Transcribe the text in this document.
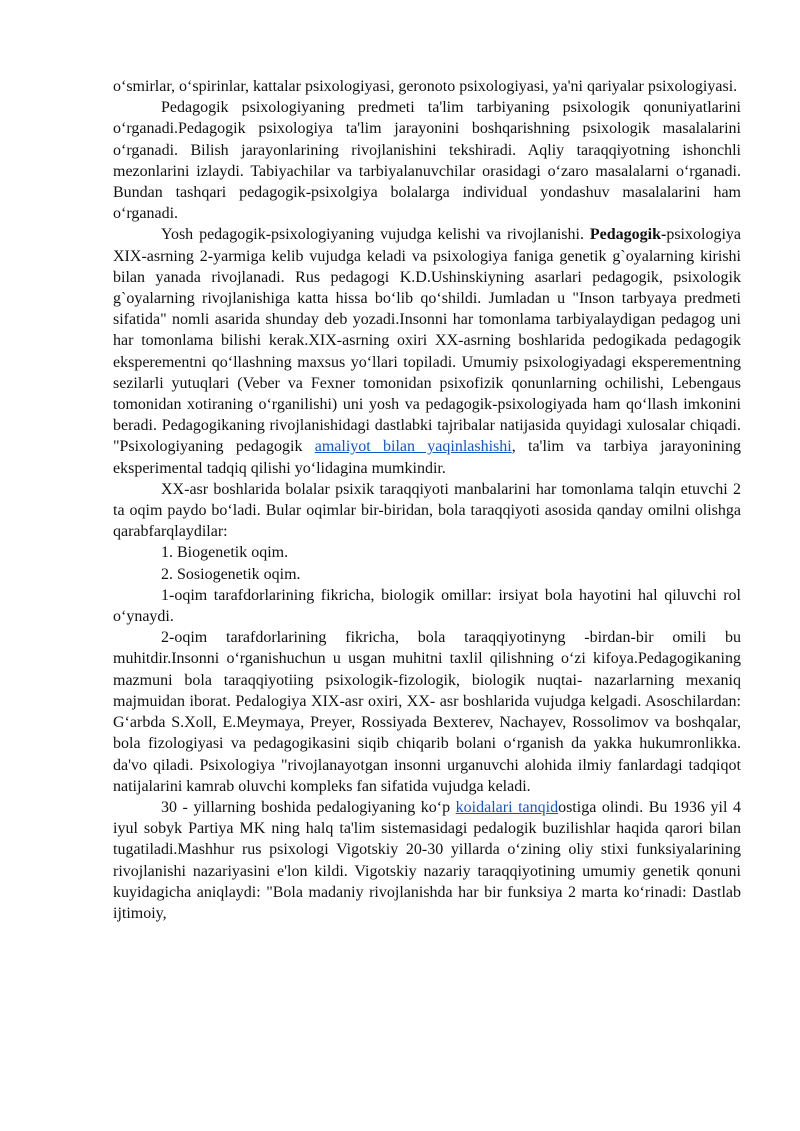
o‘smirlar, o‘spirinlar, kattalar psixologiyasi, geronoto psixologiyasi, ya'ni qariyalar psixologiyasi.

Pedagogik psixologiyaning predmeti ta'lim tarbiyaning psixologik qonuniyatlarini o‘rganadi.Pedagogik psixologiya ta'lim jarayonini boshqarishning psixologik masalalarini o‘rganadi. Bilish jarayonlarining rivojlanishini tekshiradi. Aqliy taraqqiyotning ishonchli mezonlarini izlaydi. Tabiyachilar va tarbiyalanuvchilar orasidagi o‘zaro masalalarni o‘rganadi. Bundan tashqari pedagogik-psixolgiya bolalarga individual yondashuv masalalarini ham o‘rganadi.

Yosh pedagogik-psixologiyaning vujudga kelishi va rivojlanishi. Pedagogik-psixologiya XIX-asrning 2-yarmiga kelib vujudga keladi va psixologiya faniga genetik g`oyalarning kirishi bilan yanada rivojlanadi. Rus pedagogi K.D.Ushinskiyning asarlari pedagogik, psixologik g`oyalarning rivojlanishiga katta hissa bo‘lib qo‘shildi. Jumladan u "Inson tarbyaya predmeti sifatida" nomli asarida shunday deb yozadi.Insonni har tomonlama tarbiyalaydigan pedagog uni har tomonlama bilishi kerak.XIX-asrning oxiri XX-asrning boshlarida pedogikada pedagogik eksperementni qo‘llashning maxsus yo‘llari topiladi. Umumiy psixologiyadagi eksperementning sezilarli yutuqlari (Veber va Fexner tomonidan psixofizik qonunlarning ochilishi, Lebengaus tomonidan xotiraning o‘rganilishi) uni yosh va pedagogik-psixologiyada ham qo‘llash imkonini beradi. Pedagogikaning rivojlanishidagi dastlabki tajribalar natijasida quyidagi xulosalar chiqadi. "Psixologiyaning pedagogik amaliyot bilan yaqinlashishi, ta'lim va tarbiya jarayonining eksperimental tadqiq qilishi yo‘lidagina mumkindir.

XX-asr boshlarida bolalar psixik taraqqiyoti manbalarini har tomonlama talqin etuvchi 2 ta oqim paydo bo‘ladi. Bular oqimlar bir-biridan, bola taraqqiyoti asosida qanday omilni olishga qarabfarqlaydilar:

1. Biogenetik oqim.

2. Sosiogenetik oqim.

1-oqim tarafdorlarining fikricha, biologik omillar: irsiyat bola hayotini hal qiluvchi rol o‘ynaydi.

2-oqim tarafdorlarining fikricha, bola taraqqiyotinyng -birdan-bir omili bu muhitdir.Insonni o‘rganishuchun u usgan muhitni taxlil qilishning o‘zi kifoya.Pedagogikaning mazmuni bola taraqqiyotiing psixologik-fizologik, biologik nuqtai- nazarlarning mexaniq majmuidan iborat. Pedalogiya XIX-asr oxiri, XX- asr boshlarida vujudga kelgadi. Asoschilardan: G‘arbda S.Xoll, E.Meymaya, Preyer, Rossiyada Bexterev, Nachayev, Rossolimov va boshqalar, bola fizologiyasi va pedagogikasini siqib chiqarib bolani o‘rganish da yakka hukumronlikka. da'vo qiladi. Psixologiya "rivojlanayotgan insonni urganuvchi alohida ilmiy fanlardagi tadqiqot natijalarini kamrab oluvchi kompleks fan sifatida vujudga keladi.

30 - yillarning boshida pedalogiyaning ko‘p koidalari tanqidostiga olindi. Bu 1936 yil 4 iyul sobyk Partiya MK ning halq ta'lim sistemasidagi pedalogik buzilishlar haqida qarori bilan tugatiladi.Mashhur rus psixologi Vigotskiy 20-30 yillarda o‘zining oliy stixi funksiyalarining rivojlanishi nazariyasini e'lon kildi. Vigotskiy nazariy taraqqiyotining umumiy genetik qonuni kuyidagicha aniqlaydi: "Bola madaniy rivojlanishda har bir funksiya 2 marta ko‘rinadi: Dastlab ijtimoiy,
